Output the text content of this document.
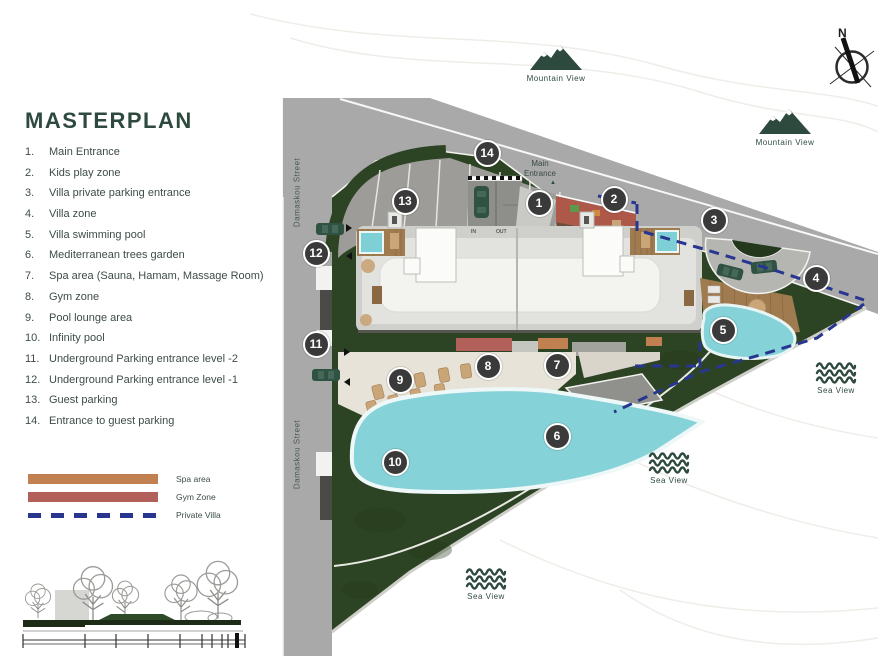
1	2
3
4
5
6
7
8
9
10
11
12
13
14
Main
Entrance
▼	▲
Damaskou Street
Damaskou Street
IN	OUT
Mountain View
Mountain View
Sea View
Sea View
Sea View
N
MASTERPLAN
1.	Main Entrance
2.	Kids play zone
3.	Villa private parking entrance
4.	Villa zone
5.	Villa swimming pool
6.	Mediterranean trees garden
7.	Spa area (Sauna, Hamam, Massage Room)
8.	Gym zone
9.	Pool lounge area
10. Infinity pool
11. Underground Parking entrance level -2
12. Underground Parking entrance level -1
13. Guest parking
14. Entrance to guest parking
Spa area
Gym Zone
Private Villa
